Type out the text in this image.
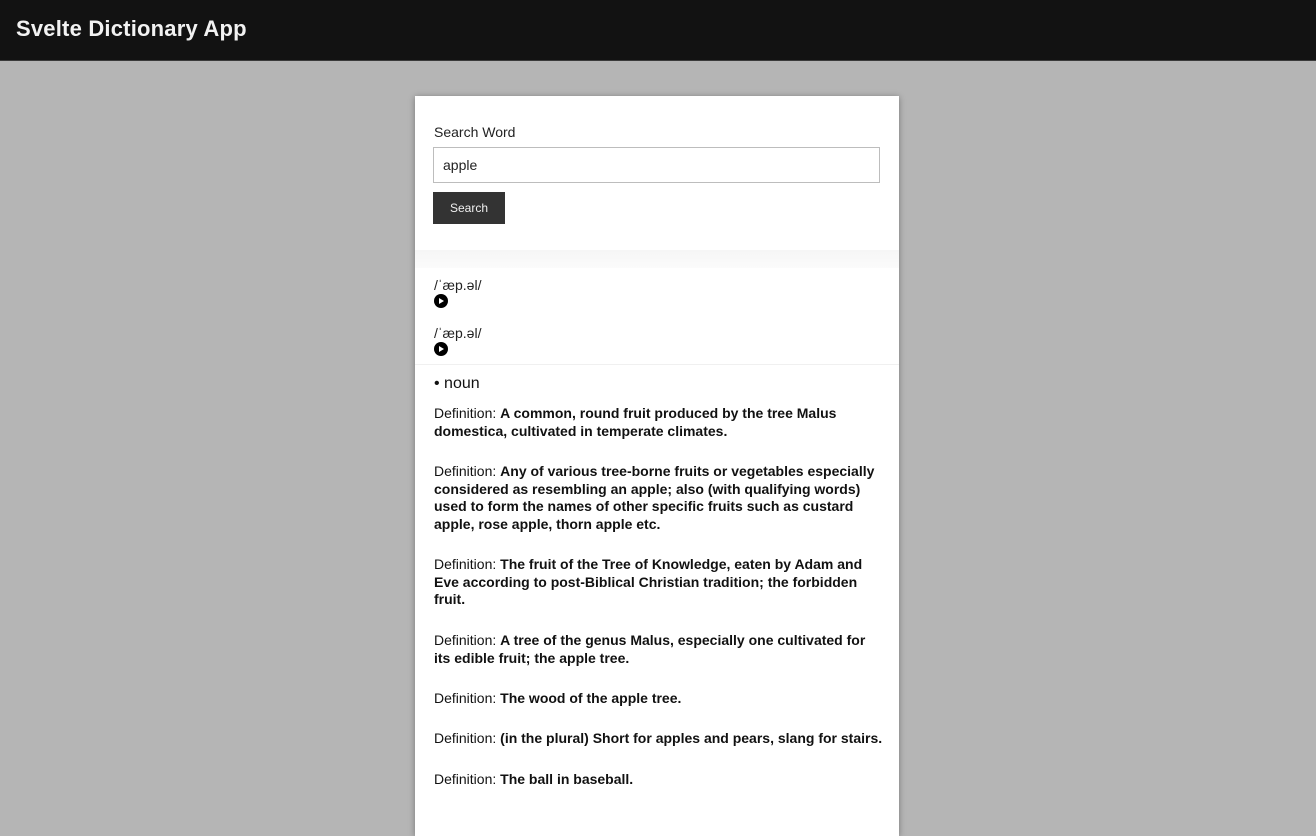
Svelte Dictionary App
Search Word
apple
Search
/ˈæp.əl/
/ˈæp.əl/
• noun
Definition: A common, round fruit produced by the tree Malus domestica, cultivated in temperate climates.
Definition: Any of various tree-borne fruits or vegetables especially considered as resembling an apple; also (with qualifying words) used to form the names of other specific fruits such as custard apple, rose apple, thorn apple etc.
Definition: The fruit of the Tree of Knowledge, eaten by Adam and Eve according to post-Biblical Christian tradition; the forbidden fruit.
Definition: A tree of the genus Malus, especially one cultivated for its edible fruit; the apple tree.
Definition: The wood of the apple tree.
Definition: (in the plural) Short for apples and pears, slang for stairs.
Definition: The ball in baseball.
